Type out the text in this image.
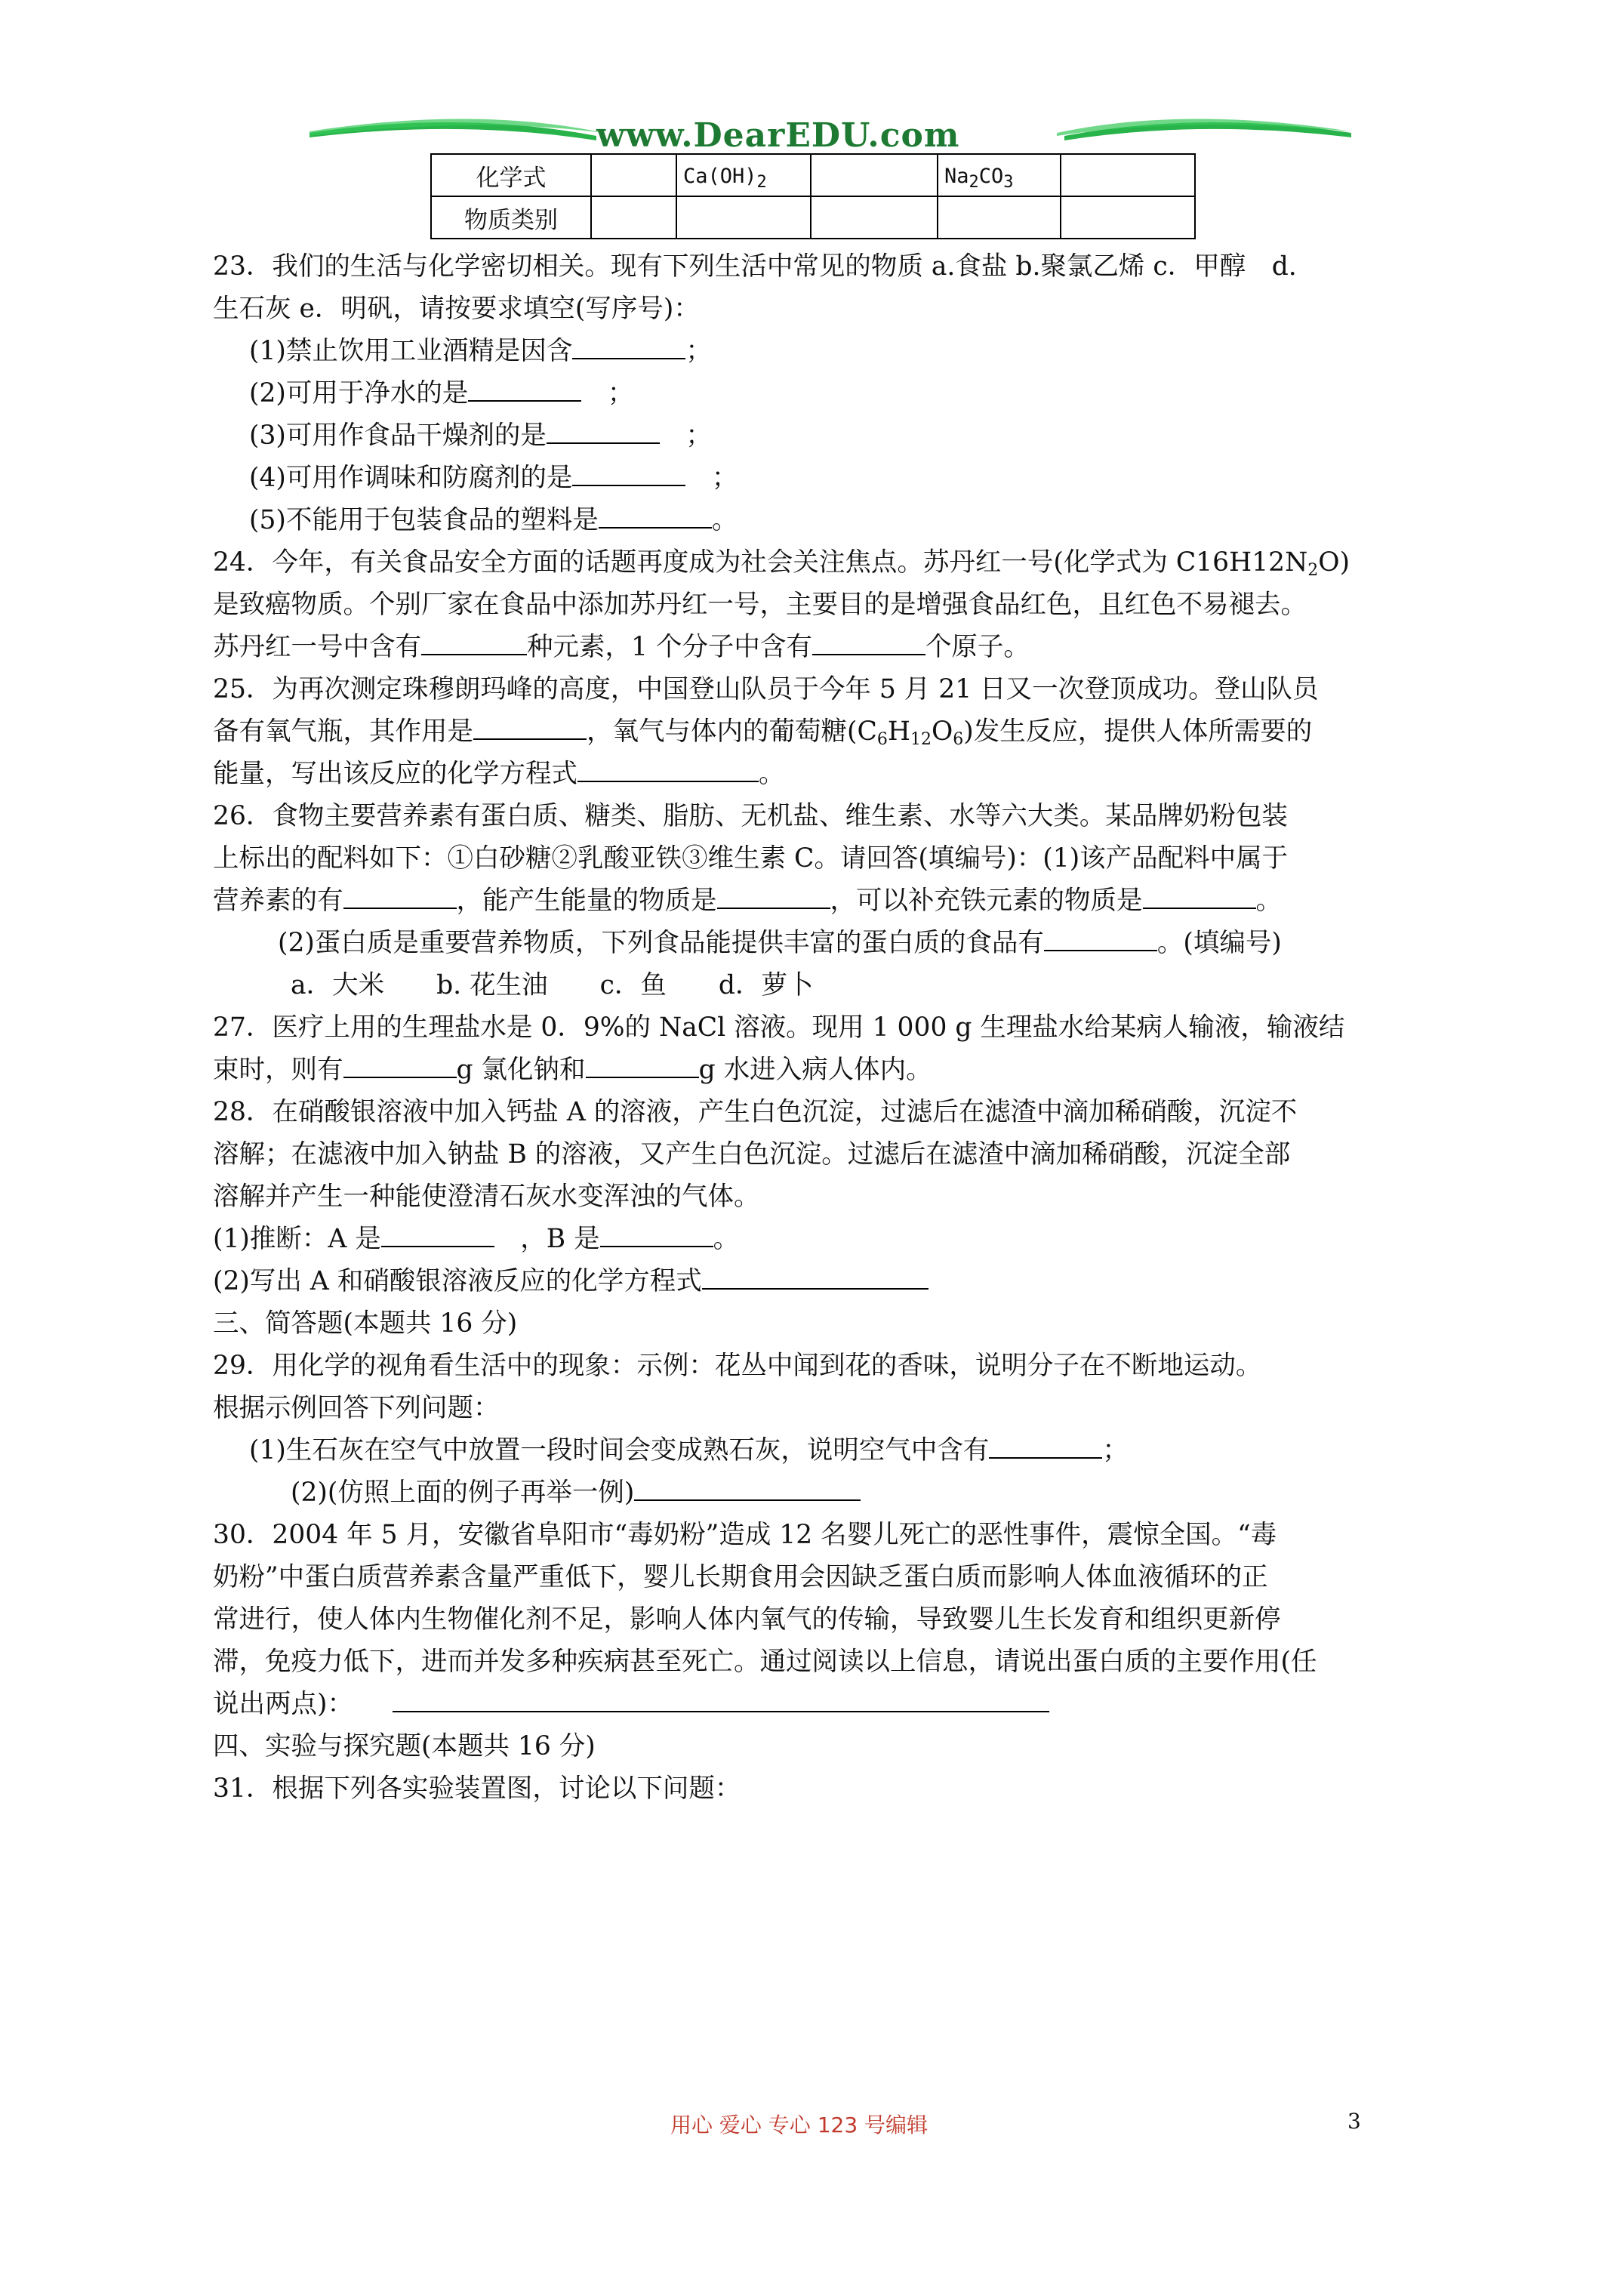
www.DearEDU.com
化学式		$Ca(OH)_2$		$Na_2CO_3$	
物质类别					
23．我们的生活与化学密切相关。现有下列生活中常见的物质 a.食盐 b.聚氯乙烯 c．甲醇　d.
生石灰 e．明矾，请按要求填空(写序号)：
(1)禁止饮用工业酒精是因含	；
(2)可用于净水的是	　；
(3)可用作食品干燥剂的是	　；
(4)可用作调味和防腐剂的是	　；
(5)不能用于包装食品的塑料是	。
24．今年，有关食品安全方面的话题再度成为社会关注焦点。苏丹红一号(化学式为 $C16H12N_2O$)
是致癌物质。个别厂家在食品中添加苏丹红一号，主要目的是增强食品红色，且红色不易褪去。
苏丹红一号中含有	种元素，1 个分子中含有	个原子。
25．为再次测定珠穆朗玛峰的高度，中国登山队员于今年 5 月 21 日又一次登顶成功。登山队员
备有氧气瓶，其作用是	，氧气与体内的葡萄糖$(C_6H_{12}O_6)$发生反应，提供人体所需要的
能量，写出该反应的化学方程式	。
26．食物主要营养素有蛋白质、糖类、脂肪、无机盐、维生素、水等六大类。某品牌奶粉包装
上标出的配料如下：①白砂糖②乳酸亚铁③维生素 C。请回答(填编号)：(1)该产品配料中属于
营养素的有	，能产生能量的物质是	，可以补充铁元素的物质是	。
(2)蛋白质是重要营养物质，下列食品能提供丰富的蛋白质的食品有	。(填编号)
a．大米　　b. 花生油　　c．鱼　　d．萝卜
27．医疗上用的生理盐水是 0．9%的 NaCl 溶液。现用 1 000 g 生理盐水给某病人输液，输液结
束时，则有	g 氯化钠和	g 水进入病人体内。
28．在硝酸银溶液中加入钙盐 A 的溶液，产生白色沉淀，过滤后在滤渣中滴加稀硝酸，沉淀不
溶解；在滤液中加入钠盐 B 的溶液，又产生白色沉淀。过滤后在滤渣中滴加稀硝酸，沉淀全部
溶解并产生一种能使澄清石灰水变浑浊的气体。
(1)推断：A 是　	，B 是	。
(2)写出 A 和硝酸银溶液反应的化学方程式
三、简答题(本题共 16 分)
29．用化学的视角看生活中的现象：示例：花丛中闻到花的香味，说明分子在不断地运动。
根据示例回答下列问题：
(1)生石灰在空气中放置一段时间会变成熟石灰，说明空气中含有	；
(2)(仿照上面的例子再举一例)
30．2004 年 5 月，安徽省阜阳市“毒奶粉”造成 12 名婴儿死亡的恶性事件，震惊全国。“毒
奶粉”中蛋白质营养素含量严重低下，婴儿长期食用会因缺乏蛋白质而影响人体血液循环的正
常进行，使人体内生物催化剂不足，影响人体内氧气的传输，导致婴儿生长发育和组织更新停
滞，免疫力低下，进而并发多种疾病甚至死亡。通过阅读以上信息，请说出蛋白质的主要作用(任
说出两点)：　　
四、实验与探究题(本题共 16 分)
31．根据下列各实验装置图，讨论以下问题：
用心 爱心 专心 123 号编辑	3
